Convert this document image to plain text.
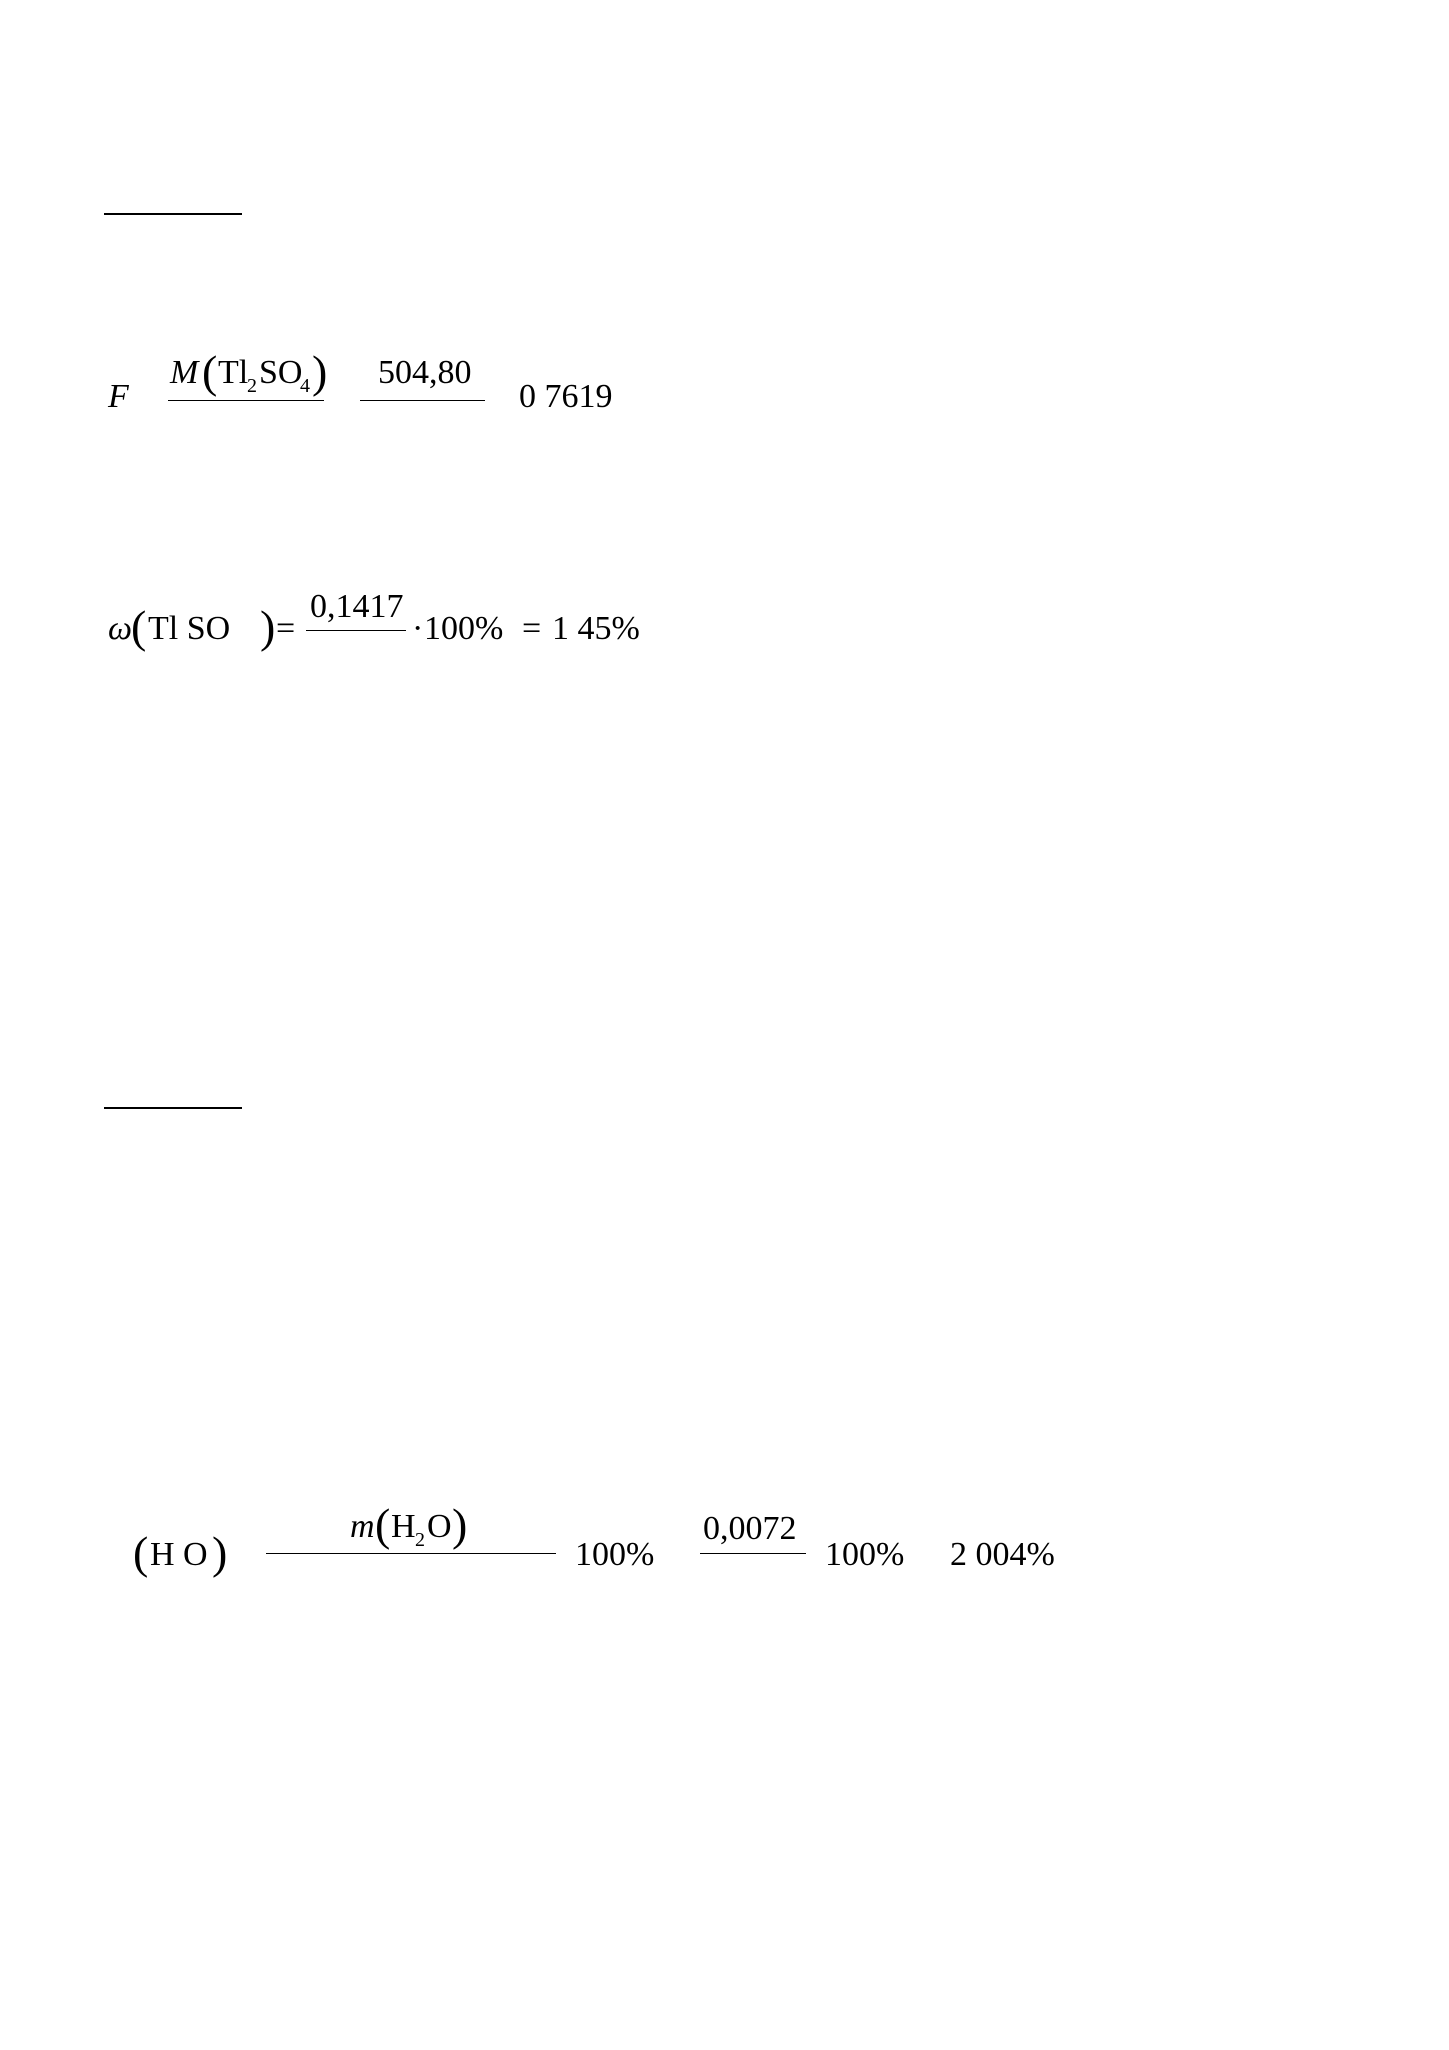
F
M ( Tl
2 SO
4 ) 504,80
0 7619
ω
( Tl SO ) =
0,1417
· 100% = 1 45%
( H O )
m ( H 2 O )
100%
0,0072
100% 2 004%
